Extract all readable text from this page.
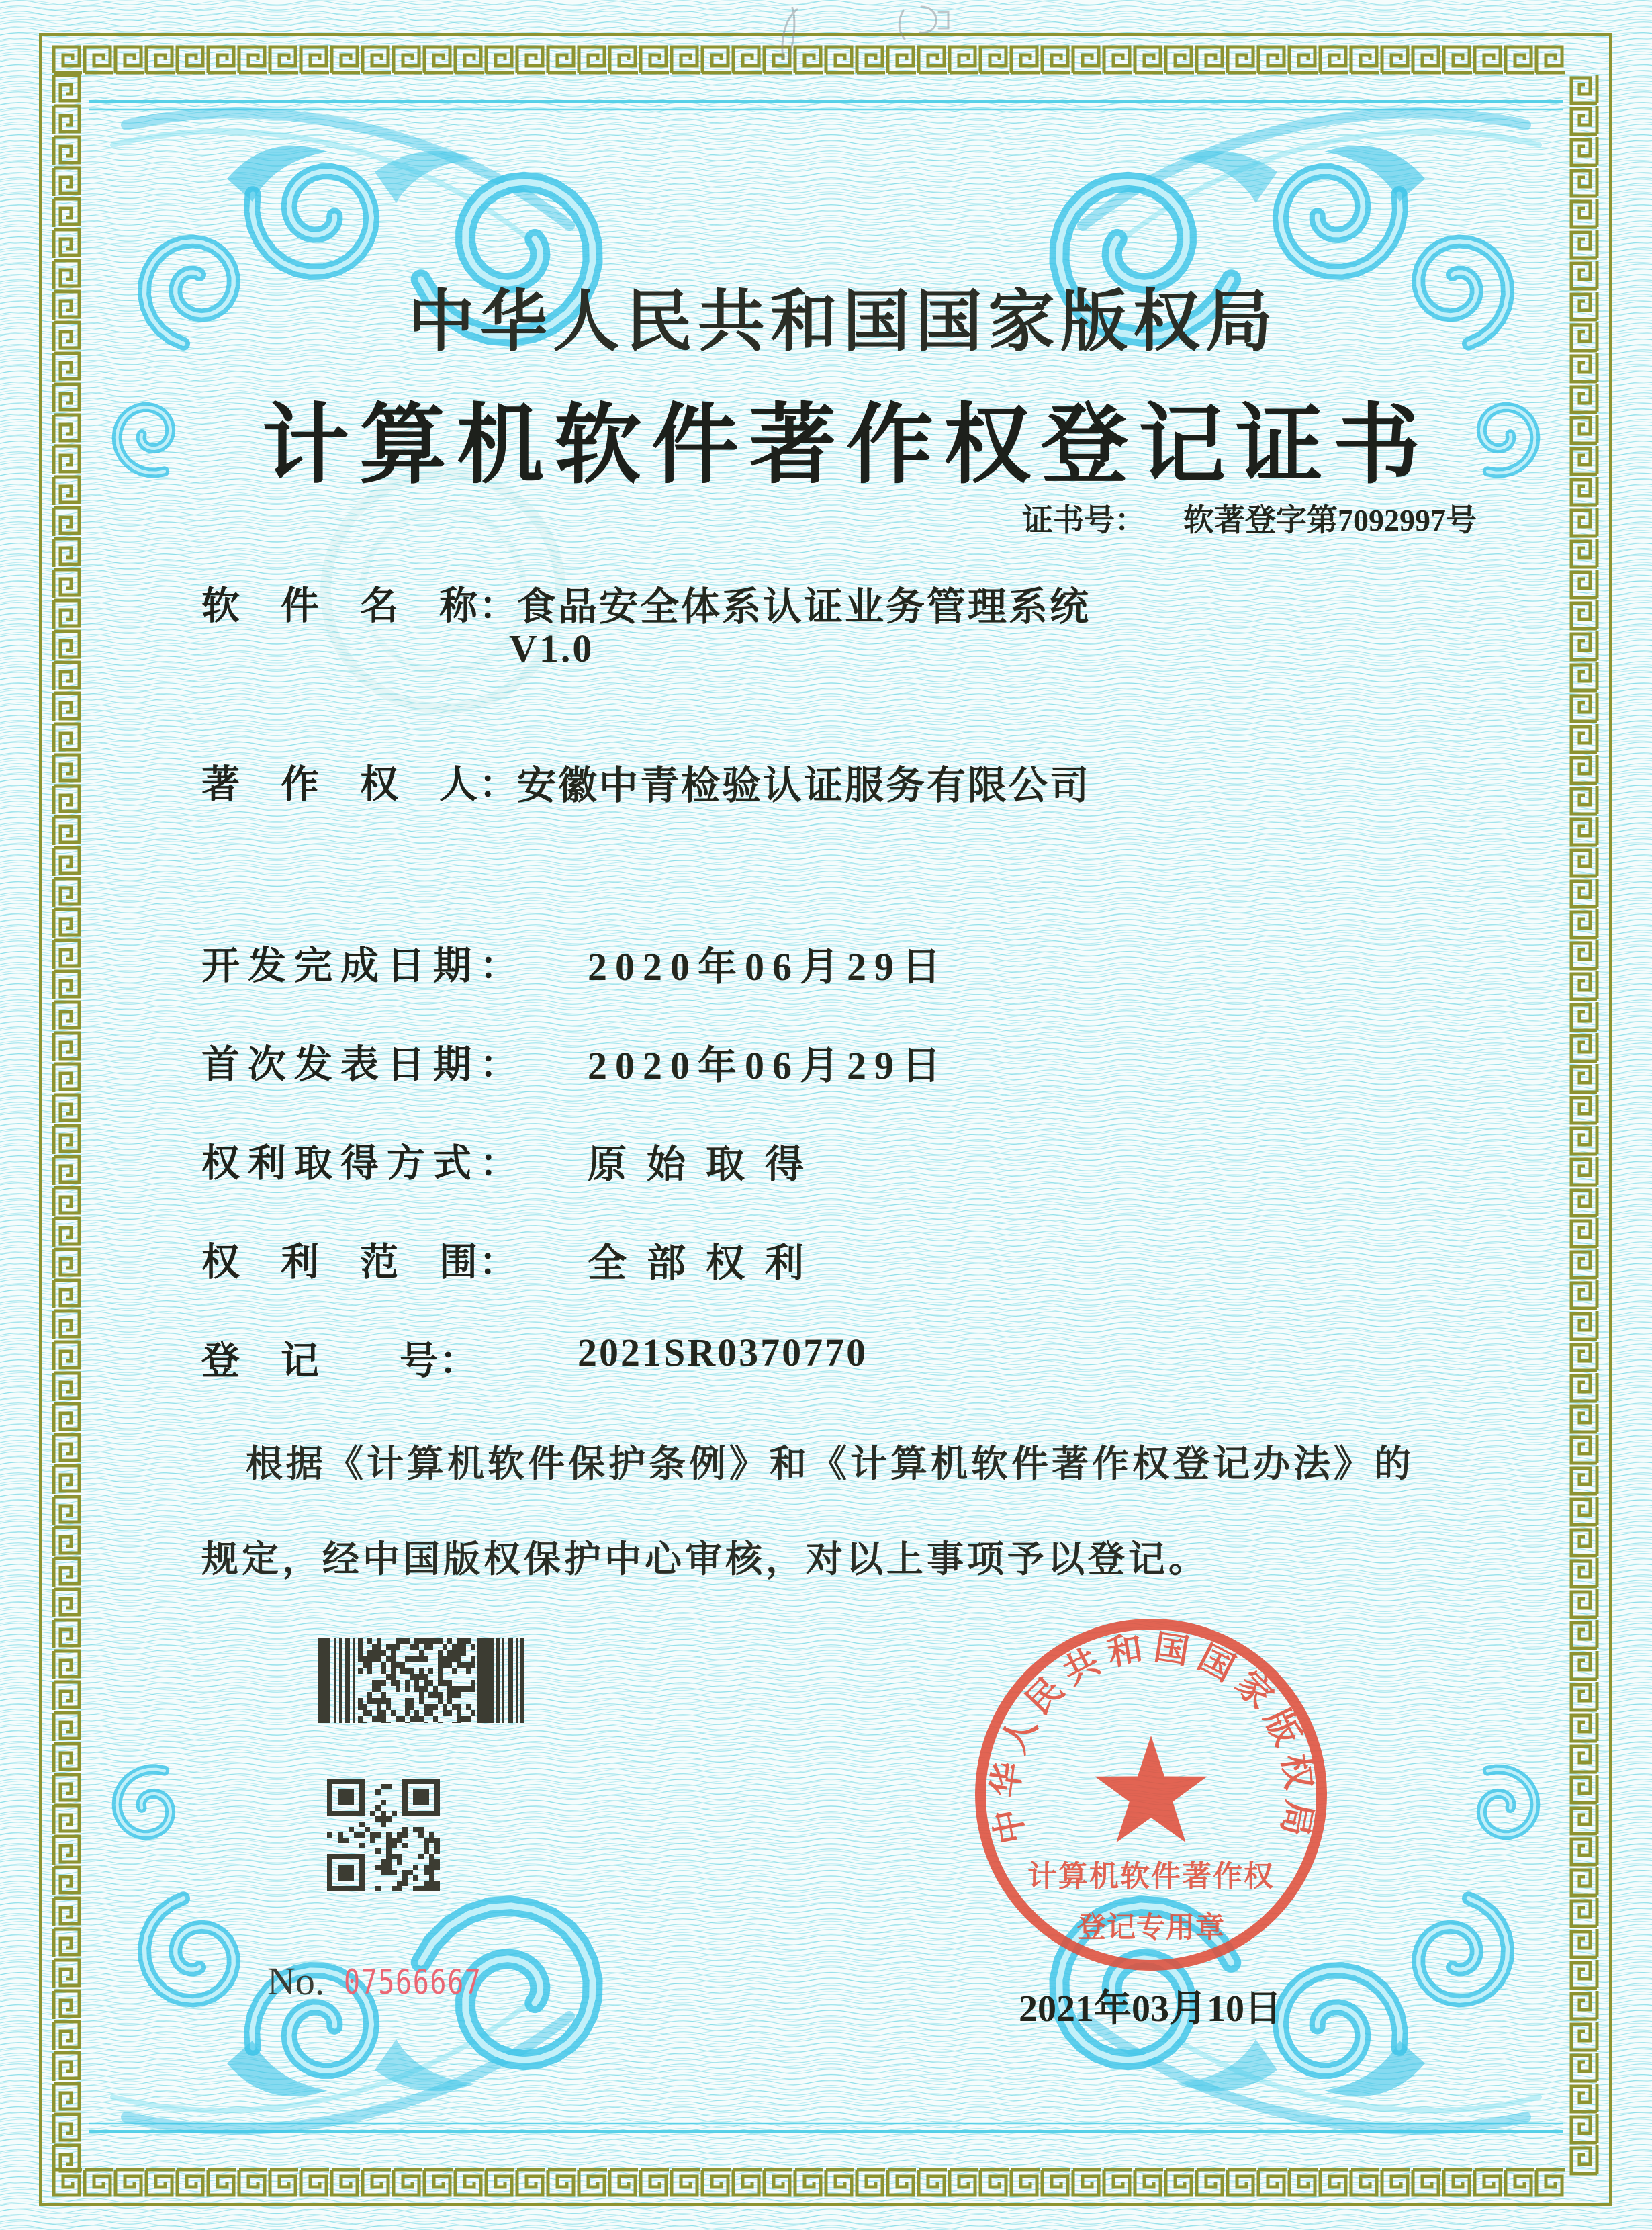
中华人民共和国国家版权局
计算机软件著作权登记证书
证书号： 软著登字第7092997号
软　件　名　称：
食品安全体系认证业务管理系统
V1.0
著　作　权　人：
安徽中青检验认证服务有限公司
开发完成日期： 2020年06月29日
首次发表日期： 2020年06月29日
权利取得方式： 原始取得
权　利　范　围： 全部权利
登　记　　号：	2021SR0370770
根据《计算机软件保护条例》和《计算机软件著作权登记办法》的
规定，经中国版权保护中心审核，对以上事项予以登记。
No. 07566667
中华人民共和国国家版权局
计算机软件著作权
登记专用章
2021年03月10日
